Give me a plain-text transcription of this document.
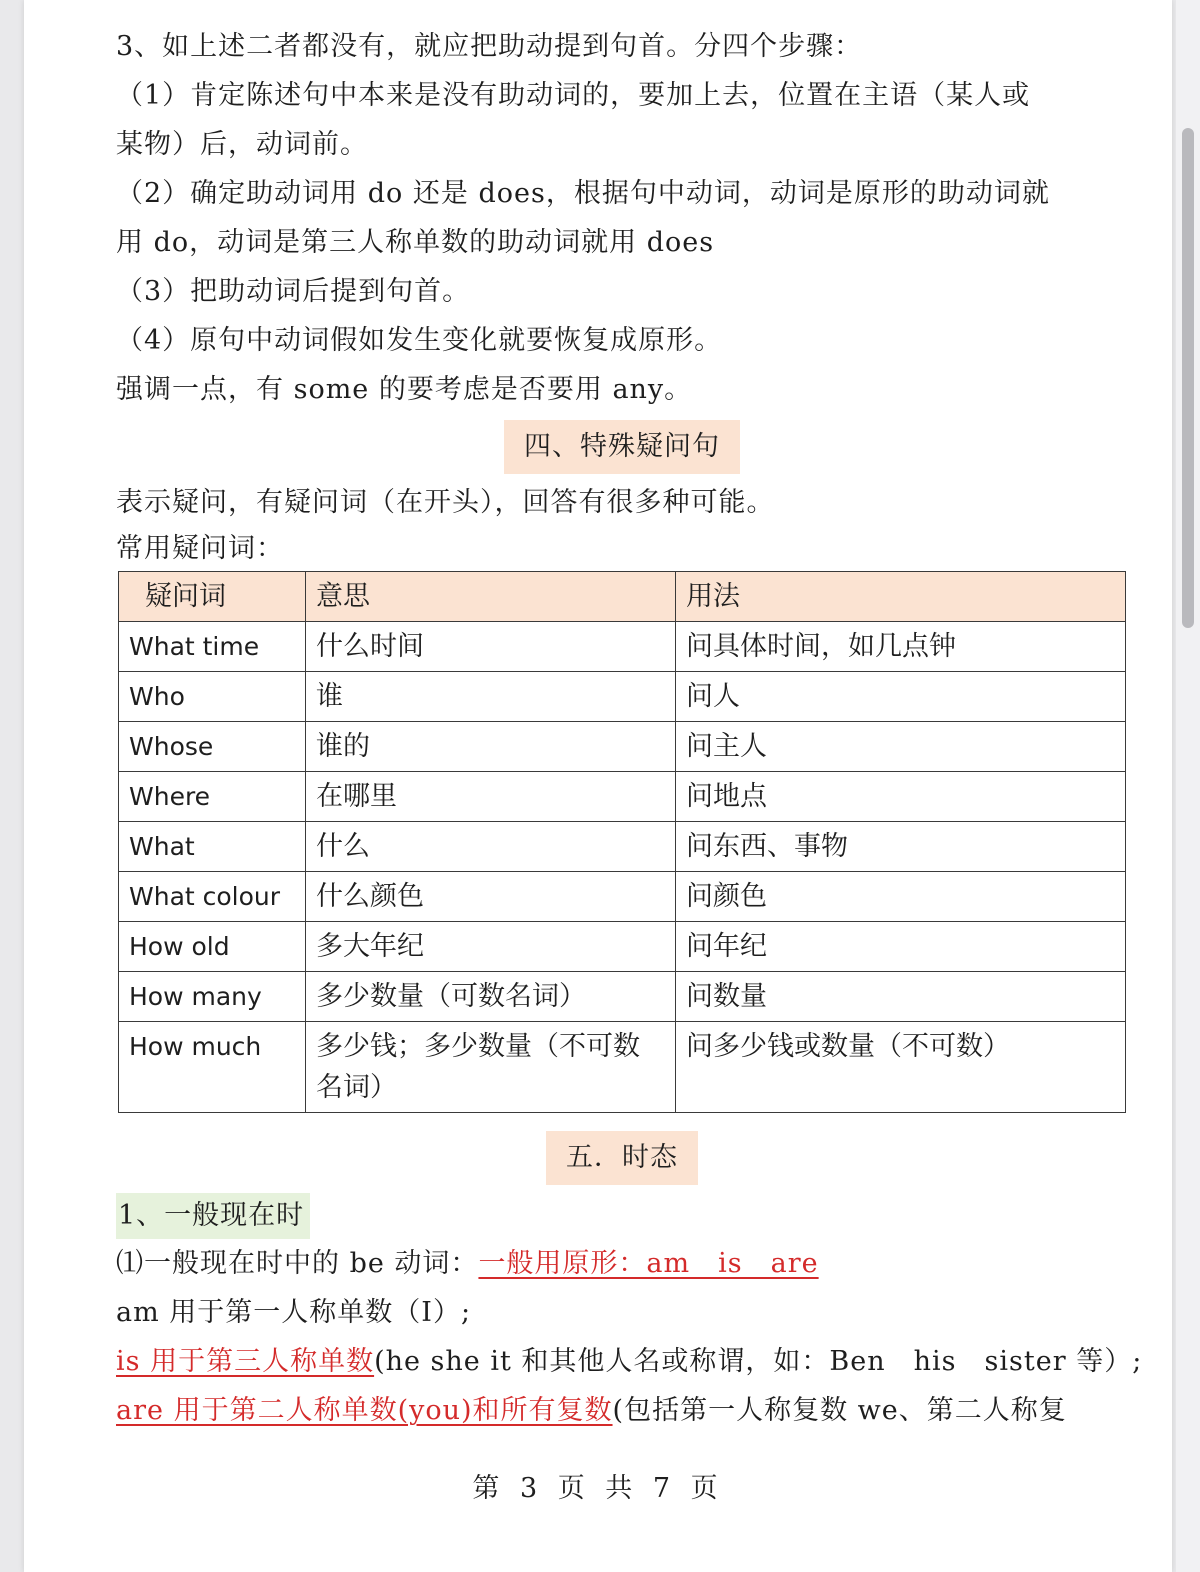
3、如上述二者都没有，就应把助动提到句首。分四个步骤：
（1）肯定陈述句中本来是没有助动词的，要加上去，位置在主语（某人或
某物）后，动词前。
（2）确定助动词用 do 还是 does，根据句中动词，动词是原形的助动词就
用 do，动词是第三人称单数的助动词就用 does
（3）把助动词后提到句首。
（4）原句中动词假如发生变化就要恢复成原形。
强调一点，有 some 的要考虑是否要用 any。
四、特殊疑问句
表示疑问，有疑问词（在开头），回答有很多种可能。
常用疑问词：
疑问词	意思	用法
What time	什么时间	问具体时间，如几点钟
Who	谁	问人
Whose	谁的	问主人
Where	在哪里	问地点
What	什么	问东西、事物
What colour	什么颜色	问颜色
How old	多大年纪	问年纪
How many	多少数量（可数名词）	问数量
How much	多少钱；多少数量（不可数名词）	问多少钱或数量（不可数）
五．时态
1、一般现在时
⑴一般现在时中的 be 动词：一般用原形：am　is　are
am 用于第一人称单数（I）;
is 用于第三人称单数(he she it 和其他人名或称谓，如：Ben　his　sister 等）;
are 用于第二人称单数(you)和所有复数(包括第一人称复数 we、第二人称复
第 3 页 共 7 页
